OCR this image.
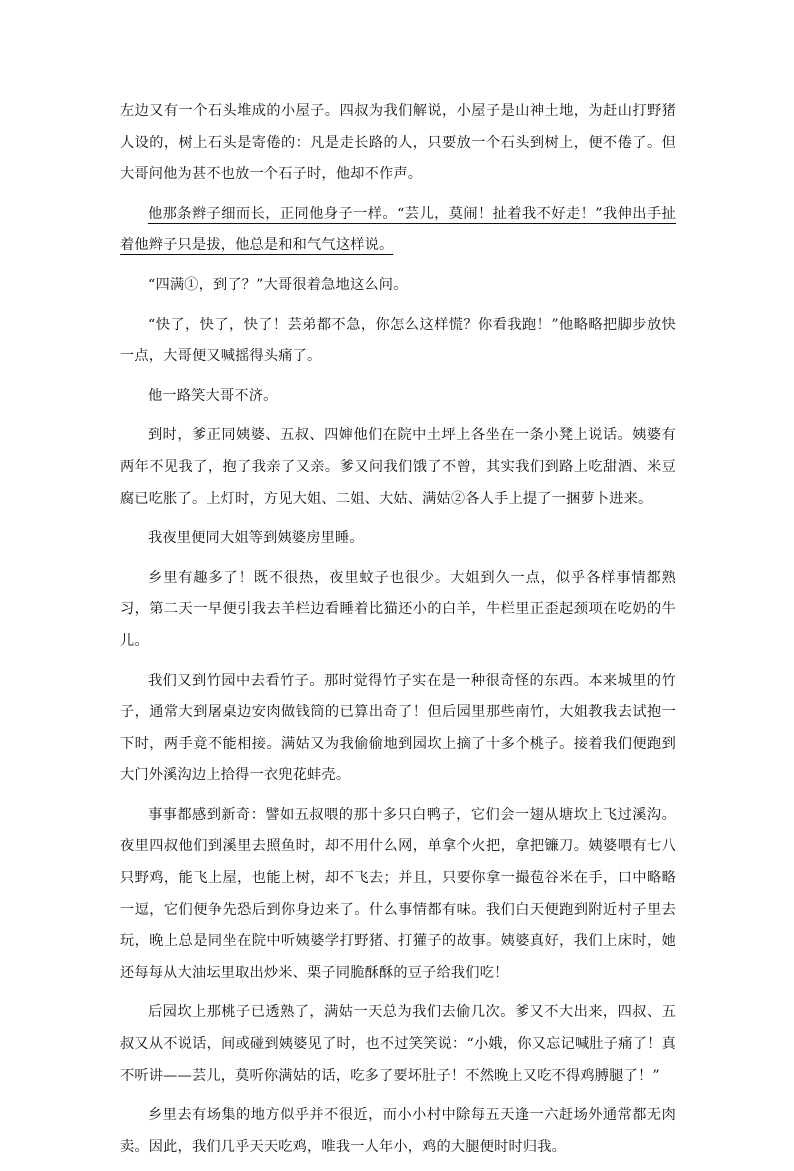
左边又有一个石头堆成的小屋子。四叔为我们解说，小屋子是山神土地，为赶山打野猪人设的，树上石头是寄倦的：凡是走长路的人，只要放一个石头到树上，便不倦了。但大哥问他为甚不也放一个石子时，他却不作声。

他那条辫子细而长，正同他身子一样。“芸儿，莫闹！扯着我不好走！”我伸出手扯着他辫子只是拔，他总是和和气气这样说。

“四满①，到了？”大哥很着急地这么问。

“快了，快了，快了！芸弟都不急，你怎么这样慌？你看我跑！”他略略把脚步放快一点，大哥便又喊摇得头痛了。

他一路笑大哥不济。

到时，爹正同姨婆、五叔、四婶他们在院中土坪上各坐在一条小凳上说话。姨婆有两年不见我了，抱了我亲了又亲。爹又问我们饿了不曾，其实我们到路上吃甜酒、米豆腐已吃胀了。上灯时，方见大姐、二姐、大姑、满姑②各人手上提了一捆萝卜进来。

我夜里便同大姐等到姨婆房里睡。

乡里有趣多了！既不很热，夜里蚊子也很少。大姐到久一点，似乎各样事情都熟习，第二天一早便引我去羊栏边看睡着比猫还小的白羊，牛栏里正歪起颈项在吃奶的牛儿。

我们又到竹园中去看竹子。那时觉得竹子实在是一种很奇怪的东西。本来城里的竹子，通常大到屠桌边安肉做钱筒的已算出奇了！但后园里那些南竹，大姐教我去试抱一下时，两手竟不能相接。满姑又为我偷偷地到园坎上摘了十多个桃子。接着我们便跑到大门外溪沟边上拾得一衣兜花蚌壳。

事事都感到新奇：譬如五叔喂的那十多只白鸭子，它们会一翅从塘坎上飞过溪沟。夜里四叔他们到溪里去照鱼时，却不用什么网，单拿个火把，拿把镰刀。姨婆喂有七八只野鸡，能飞上屋，也能上树，却不飞去；并且，只要你拿一撮苞谷米在手，口中略略一逗，它们便争先恐后到你身边来了。什么事情都有味。我们白天便跑到附近村子里去玩，晚上总是同坐在院中听姨婆学打野猪、打獾子的故事。姨婆真好，我们上床时，她还每每从大油坛里取出炒米、栗子同脆酥酥的豆子给我们吃！

后园坎上那桃子已透熟了，满姑一天总为我们去偷几次。爹又不大出来，四叔、五叔又从不说话，间或碰到姨婆见了时，也不过笑笑说：“小娥，你又忘记喊肚子痛了！真不听讲——芸儿，莫听你满姑的话，吃多了要坏肚子！不然晚上又吃不得鸡膊腿了！”

乡里去有场集的地方似乎并不很近，而小小村中除每五天逢一六赶场外通常都无肉卖。因此，我们几乎天天吃鸡，唯我一人年小，鸡的大腿便时时归我。
